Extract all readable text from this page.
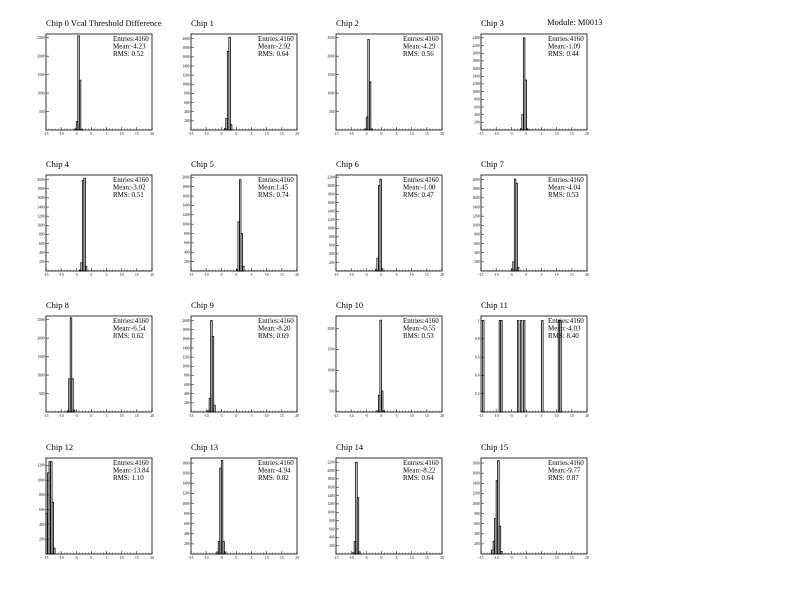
Module: M0013
Chip 0 Vcal Threshold Difference
-15	-10	-5	0	5	10	15	20
500
1000
1500
2000
2500	Entries:4160
Mean:-4.23
RMS: 0.52
Chip 1
-15	-10	-5	0	5	10	15	20
200
400
600
800
1000
1200
1400
1600
1800
2000	Entries:4160
Mean:-2.92
RMS: 0.64
Chip 2
-15	-10	-5	0	5	10	15	20
500
1000
1500
2000
2500	Entries:4160
Mean:-4.29
RMS: 0.56
Chip 3
-15	-10	-5	0	5	10	15	20
200
400
600
800
1000
1200
1400
1600
1800
2000
2200
2400	Entries:4160
Mean:-1.09
RMS: 0.44
Chip 4
-15	-10	-5	0	5	10	15	20
200
400
600
800
1000
1200
1400
1600
1800
2000	Entries:4160
Mean:-3.02
RMS: 0.51
Chip 5
-15	-10	-5	0	5	10	15	20
200
400
600
800
1000
1200
1400
1600
1800
2000	Entries:4160
Mean:1.45
RMS: 0.74
Chip 6
-15	-10	-5	0	5	10	15	20
200
400
600
800
1000
1200
1400
1600
1800
2000
2200	Entries:4160
Mean:-1.00
RMS: 0.47
Chip 7
-15	-10	-5	0	5	10	15	20
200
400
600
800
1000
1200
1400
1600
1800
2000	Entries:4160
Mean:-4.04
RMS: 0.53
Chip 8
-15	-10	-5	0	5	10	15	20
500
1000
1500
2000
2500	Entries:4160
Mean:-6.54
RMS: 0.62
Chip 9
-15	-10	-5	0	5	10	15	20
200
400
600
800
1000
1200
1400
1600
1800
2000	Entries:4160
Mean:-8.20
RMS: 0.69
Chip 10
-15	-10	-5	0	5	10	15	20
500
1000
1500
2000
Entries:4160
Mean:-0.55
RMS: 0.53
Chip 11
-15	-10	-5	0	5	10	15	20
0.2
0.4
0.6
0.8
1	Entries:4160
Mean:-4.03
RMS: 8.40
Chip 12
-15	-10	-5	0	5	10	15	20
200
400
600
800
1000
1200	Entries:4160
Mean:-13.84
RMS: 1.10
Chip 13
-15	-10	-5	0	5	10	15	20
200
400
600
800
1000
1200
1400
1600
1800	Entries:4160
Mean:-4.94
RMS: 0.82
Chip 14
-15	-10	-5	0	5	10	15	20
200
400
600
800
1000
1200
1400
1600
1800
2000
2200	Entries:4160
Mean:-8.22
RMS: 0.64
Chip 15
-15	-10	-5	0	5	10	15	20
200
400
600
800
1000
1200
1400
1600
1800	Entries:4160
Mean:-9.77
RMS: 0.87
